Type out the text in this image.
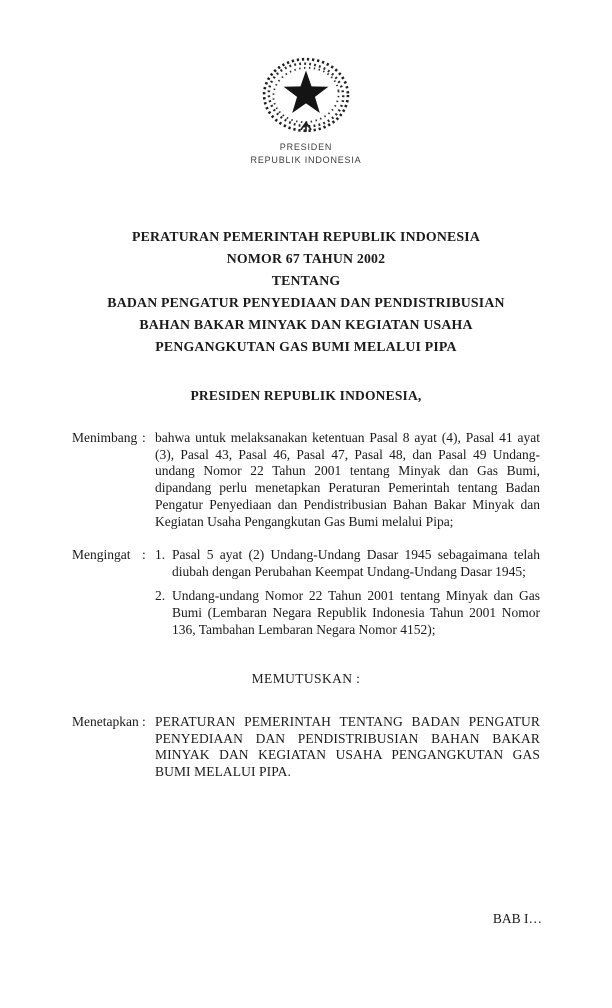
PRESIDEN
REPUBLIK INDONESIA
PERATURAN PEMERINTAH REPUBLIK INDONESIA
NOMOR 67 TAHUN 2002
TENTANG
BADAN PENGATUR PENYEDIAAN DAN PENDISTRIBUSIAN
BAHAN BAKAR MINYAK DAN KEGIATAN USAHA
PENGANGKUTAN GAS BUMI MELALUI PIPA
PRESIDEN REPUBLIK INDONESIA,
Menimbang : bahwa untuk melaksanakan ketentuan Pasal 8 ayat (4), Pasal 41 ayat (3), Pasal 43, Pasal 46, Pasal 47, Pasal 48, dan Pasal 49 Undang-undang Nomor 22 Tahun 2001 tentang Minyak dan Gas Bumi, dipandang perlu menetapkan Peraturan Pemerintah tentang Badan Pengatur Penyediaan dan Pendistribusian Bahan Bakar Minyak dan Kegiatan Usaha Pengangkutan Gas Bumi melalui Pipa;
Mengingat : 1. Pasal 5 ayat (2) Undang-Undang Dasar 1945 sebagaimana telah diubah dengan Perubahan Keempat Undang-Undang Dasar 1945;
2. Undang-undang Nomor 22 Tahun 2001 tentang Minyak dan Gas Bumi (Lembaran Negara Republik Indonesia Tahun 2001 Nomor 136, Tambahan Lembaran Negara Nomor 4152);
MEMUTUSKAN :
Menetapkan : PERATURAN PEMERINTAH TENTANG BADAN PENGATUR PENYEDIAAN DAN PENDISTRIBUSIAN BAHAN BAKAR MINYAK DAN KEGIATAN USAHA PENGANGKUTAN GAS BUMI MELALUI PIPA.
BAB I…
